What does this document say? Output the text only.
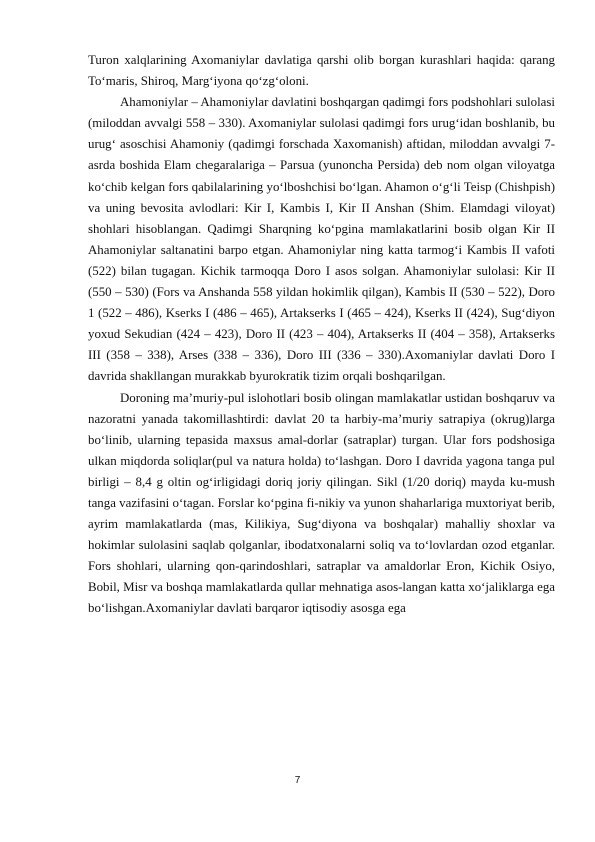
Turon xalqlarining Axomaniylar davlatiga qarshi olib borgan kurashlari haqida: qarang To‘maris, Shiroq, Marg‘iyona qo‘zg‘oloni.

Ahamoniylar – Ahamoniylar davlatini boshqargan qadimgi fors podshohlari sulolasi (miloddan avvalgi 558 – 330). Axomaniylar sulolasi qadimgi fors urug‘idan boshlanib, bu urug‘ asoschisi Ahamoniy (qadimgi forschada Xaxomanish) aftidan, miloddan avvalgi 7- asrda boshida Elam chegaralariga – Parsua (yunoncha Persida) deb nom olgan viloyatga ko‘chib kelgan fors qabilalarining yo‘lboshchisi bo‘lgan. Ahamon o‘g‘li Teisp (Chishpish) va uning bevosita avlodlari: Kir I, Kambis I, Kir II Anshan (Shim. Elamdagi viloyat) shohlari hisoblangan. Qadimgi Sharqning ko‘pgina mamlakatlarini bosib olgan Kir II Ahamoniylar saltanatini barpo etgan. Ahamoniylar ning katta tarmog‘i Kambis II vafoti (522) bilan tugagan. Kichik tarmoqqa Doro I asos solgan. Ahamoniylar sulolasi: Kir II (550 – 530) (Fors va Anshanda 558 yildan hokimlik qilgan), Kambis II (530 – 522), Doro 1 (522 – 486), Kserks I (486 – 465), Artakserks I (465 – 424), Kserks II (424), Sug‘diyon yoxud Sekudian (424 – 423), Doro II (423 – 404), Artakserks II (404 – 358), Artakserks III (358 – 338), Arses (338 – 336), Doro III (336 – 330).Axomaniylar davlati Doro I davrida shakllangan murakkab byurokratik tizim orqali boshqarilgan.

Doroning ma’muriy-pul islohotlari bosib olingan mamlakatlar ustidan boshqaruv va nazoratni yanada takomillashtirdi: davlat 20 ta harbiy-ma’muriy satrapiya (okrug)larga bo‘linib, ularning tepasida maxsus amal-dorlar (satraplar) turgan. Ular fors podshosiga ulkan miqdorda soliqlar(pul va natura holda) to‘lashgan. Doro I davrida yagona tanga pul birligi – 8,4 g oltin og‘irligidagi doriq joriy qilingan. Sikl (1/20 doriq) mayda ku-mush tanga vazifasini o‘tagan. Forslar ko‘pgina fi-nikiy va yunon shaharlariga muxtoriyat berib, ayrim mamlakatlarda (mas, Kilikiya, Sug‘diyona va boshqalar) mahalliy shoxlar va hokimlar sulolasini saqlab qolganlar, ibodatxonalarni soliq va to‘lovlardan ozod etganlar. Fors shohlari, ularning qon-qarindoshlari, satraplar va amaldorlar Eron, Kichik Osiyo, Bobil, Misr va boshqa mamlakatlarda qullar mehnatiga asos-langan katta xo‘jaliklarga ega bo‘lishgan.Axomaniylar davlati barqaror iqtisodiy asosga ega

7
